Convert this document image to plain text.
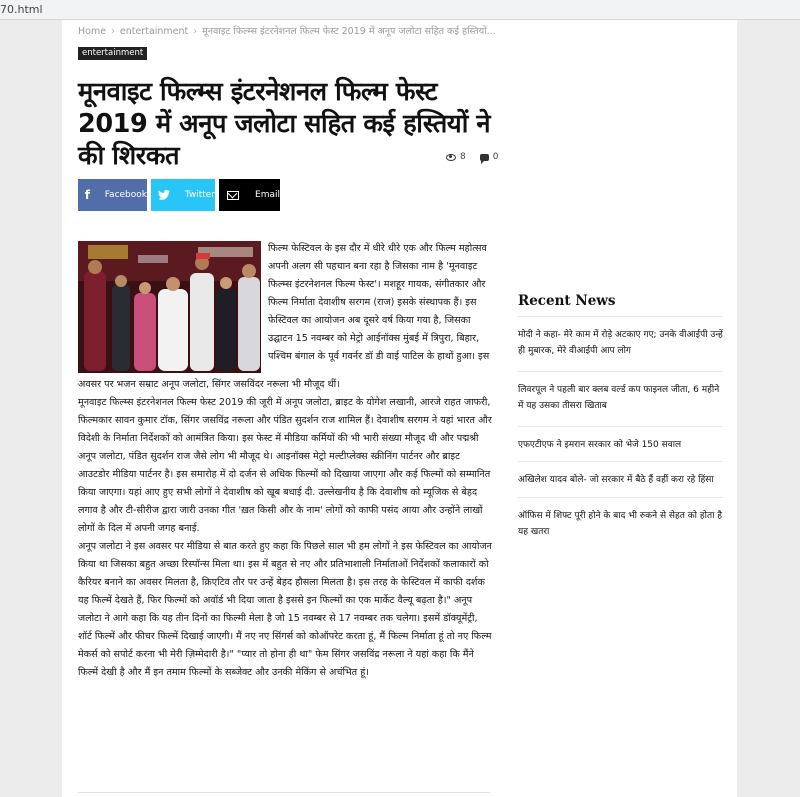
70.html
Home › entertainment › मूनवाइट फिल्म्स इंटरनेशनल फिल्म फेस्ट 2019 में अनूप जलोटा सहित कई हस्तियों...
entertainment
मूनवाइट फिल्म्स इंटरनेशनल फिल्म फेस्ट 2019 में अनूप जलोटा सहित कई हस्तियों ने की शिरकत	8	0
f	Facebook	Twitter	Email
फिल्म फेस्टिवल के इस दौर में धीरे धीरे एक और फिल्म महोत्सव अपनी अलग सी पहचान बना रहा है जिसका नाम है 'मूनवाइट फिल्म्स इंटरनेशनल फिल्म फेस्ट'। मशहूर गायक, संगीतकार और फिल्म निर्माता देवाशीष सरगम (राज) इसके संस्थापक हैं। इस फेस्टिवल का आयोजन अब दूसरे वर्ष किया गया है, जिसका उद्घाटन 15 नवम्बर को मेट्रो आईनॉक्स मुंबई में त्रिपुरा, बिहार, पश्चिम बंगाल के पूर्व गवर्नर डॉ डी वाई पाटिल के हाथों हुआ। इस
अवसर पर भजन सम्राट अनूप जलोटा, सिंगर जसविंदर नरूला भी मौजूद थीं।

मूनवाइट फिल्म्स इंटरनेशनल फिल्म फेस्ट 2019 की जूरी में अनूप जलोटा, ब्राइट के योगेश लखानी, आरजे राहत जाफरी, फिल्मकार सावन कुमार टॉक, सिंगर जसविंद्र नरूला और पंडित सुदर्शन राज शामिल हैं। देवाशीष सरगम ने यहां भारत और विदेशी के निर्माता निर्देशकों को आमंत्रित किया। इस फेस्ट में मीडिया कर्मियों की भी भारी संख्या मौजूद थी और पद्मश्री अनूप जलोटा, पंडित सुदर्शन राज जैसे लोग भी मौजूद थे। आइनॉक्स मेट्रो मल्टीप्लेक्स स्क्रीनिंग पार्टनर और ब्राइट आउटडोर मीडिया पार्टनर है। इस समारोह में दो दर्जन से अधिक फिल्मों को दिखाया जाएगा और कई फिल्मों को सम्मानित किया जाएगा। यहां आए हुए सभी लोगों ने देवाशीष को खूब बधाई दी. उल्लेखनीय है कि देवाशीष को म्यूजिक से बेहद लगाव है और टी-सीरीज द्वारा जारी उनका गीत 'ख़त किसी और के नाम' लोगों को काफी पसंद आया और उन्होंने लाखों लोगों के दिल में अपनी जगह बनाई.

अनूप जलोटा ने इस अवसर पर मीडिया से बात करते हुए कहा कि पिछले साल भी हम लोगों ने इस फेस्टिवल का आयोजन किया था जिसका बहुत अच्छा रिस्पॉन्स मिला था। इस में बहुत से नए और प्रतिभाशाली निर्माताओं निर्देशकों कलाकारों को कैरियर बनाने का अवसर मिलता है, क्रिएटिव तौर पर उन्हें बेहद हौसला मिलता है। इस तरह के फेस्टिवल में काफी दर्शक यह फिल्में देखते हैं, फिर फिल्मों को अवॉर्ड भी दिया जाता है इससे इन फिल्मों का एक मार्केट वैल्यू बढ़ता है।" अनूप जलोटा ने आगे कहा कि यह तीन दिनों का फिल्मी मेला है जो 15 नवम्बर से 17 नवम्बर तक चलेगा। इसमें डॉक्यूमेंट्री, शॉर्ट फिल्में और फीचर फिल्में दिखाई जाएगी। मैं नए नए सिंगर्स को कोऑपरेट करता हूं, मैं फिल्म निर्माता हूं तो नए फिल्म मेकर्स को सपोर्ट करना भी मेरी ज़िम्मेदारी है।" "प्यार तो होना ही था" फेम सिंगर जसविंद्र नरूला ने यहां कहा कि मैंने फिल्में देखी है और मैं इन तमाम फिल्मों के सब्जेक्ट और उनकी मेकिंग से अचंभित हूं।

Recent News
मोदी ने कहा- मेरे काम में रोड़े अटकाए गए; उनके वीआईपी उन्हें ही मुबारक, मेरे वीआईपी आप लोग
लिवरपूल ने पहली बार क्लब वर्ल्ड कप फाइनल जीता, 6 महीने में यह उसका तीसरा खिताब
एफएटीएफ ने इमरान सरकार को भेजे 150 सवाल
अखिलेश यादव बोले- जो सरकार में बैठे हैं वहीं करा रहे हिंसा
ऑफिस में शिफ्ट पूरी होने के बाद भी रुकने से सेहत को होता है यह खतरा
